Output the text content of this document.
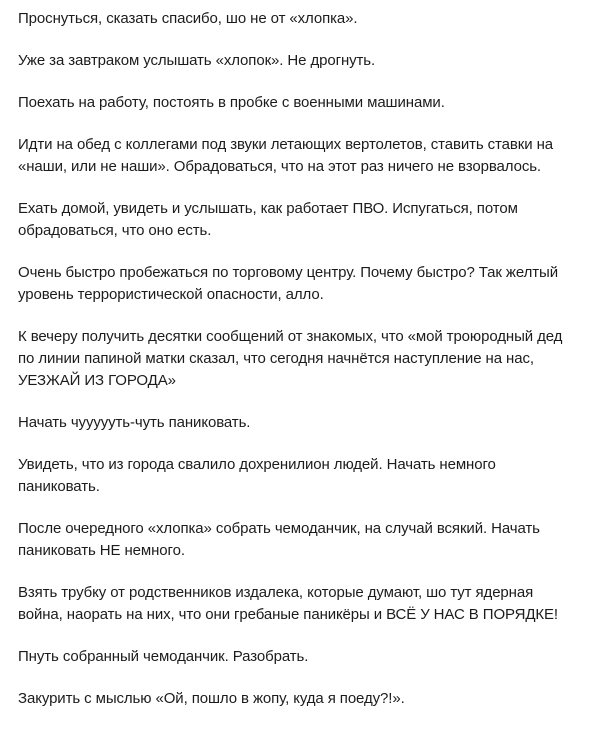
Проснуться, сказать спасибо, шо не от «хлопка».

Уже за завтраком услышать «хлопок». Не дрогнуть.

Поехать на работу, постоять в пробке с военными машинами.

Идти на обед с коллегами под звуки летающих вертолетов, ставить ставки на
«наши, или не наши». Обрадоваться, что на этот раз ничего не взорвалось.

Ехать домой, увидеть и услышать, как работает ПВО. Испугаться, потом
обрадоваться, что оно есть.

Очень быстро пробежаться по торговому центру. Почему быстро? Так желтый
уровень террористической опасности, алло.

К вечеру получить десятки сообщений от знакомых, что «мой троюродный дед
по линии папиной матки сказал, что сегодня начнётся наступление на нас,
УЕЗЖАЙ ИЗ ГОРОДА»

Начать чуууууть-чуть паниковать.

Увидеть, что из города свалило дохренилион людей. Начать немного
паниковать.

После очередного «хлопка» собрать чемоданчик, на случай всякий. Начать
паниковать НЕ немного.

Взять трубку от родственников издалека, которые думают, шо тут ядерная
война, наорать на них, что они гребаные паникёры и ВСЁ У НАС В ПОРЯДКЕ!

Пнуть собранный чемоданчик. Разобрать.

Закурить с мыслью «Ой, пошло в жопу, куда я поеду?!».
